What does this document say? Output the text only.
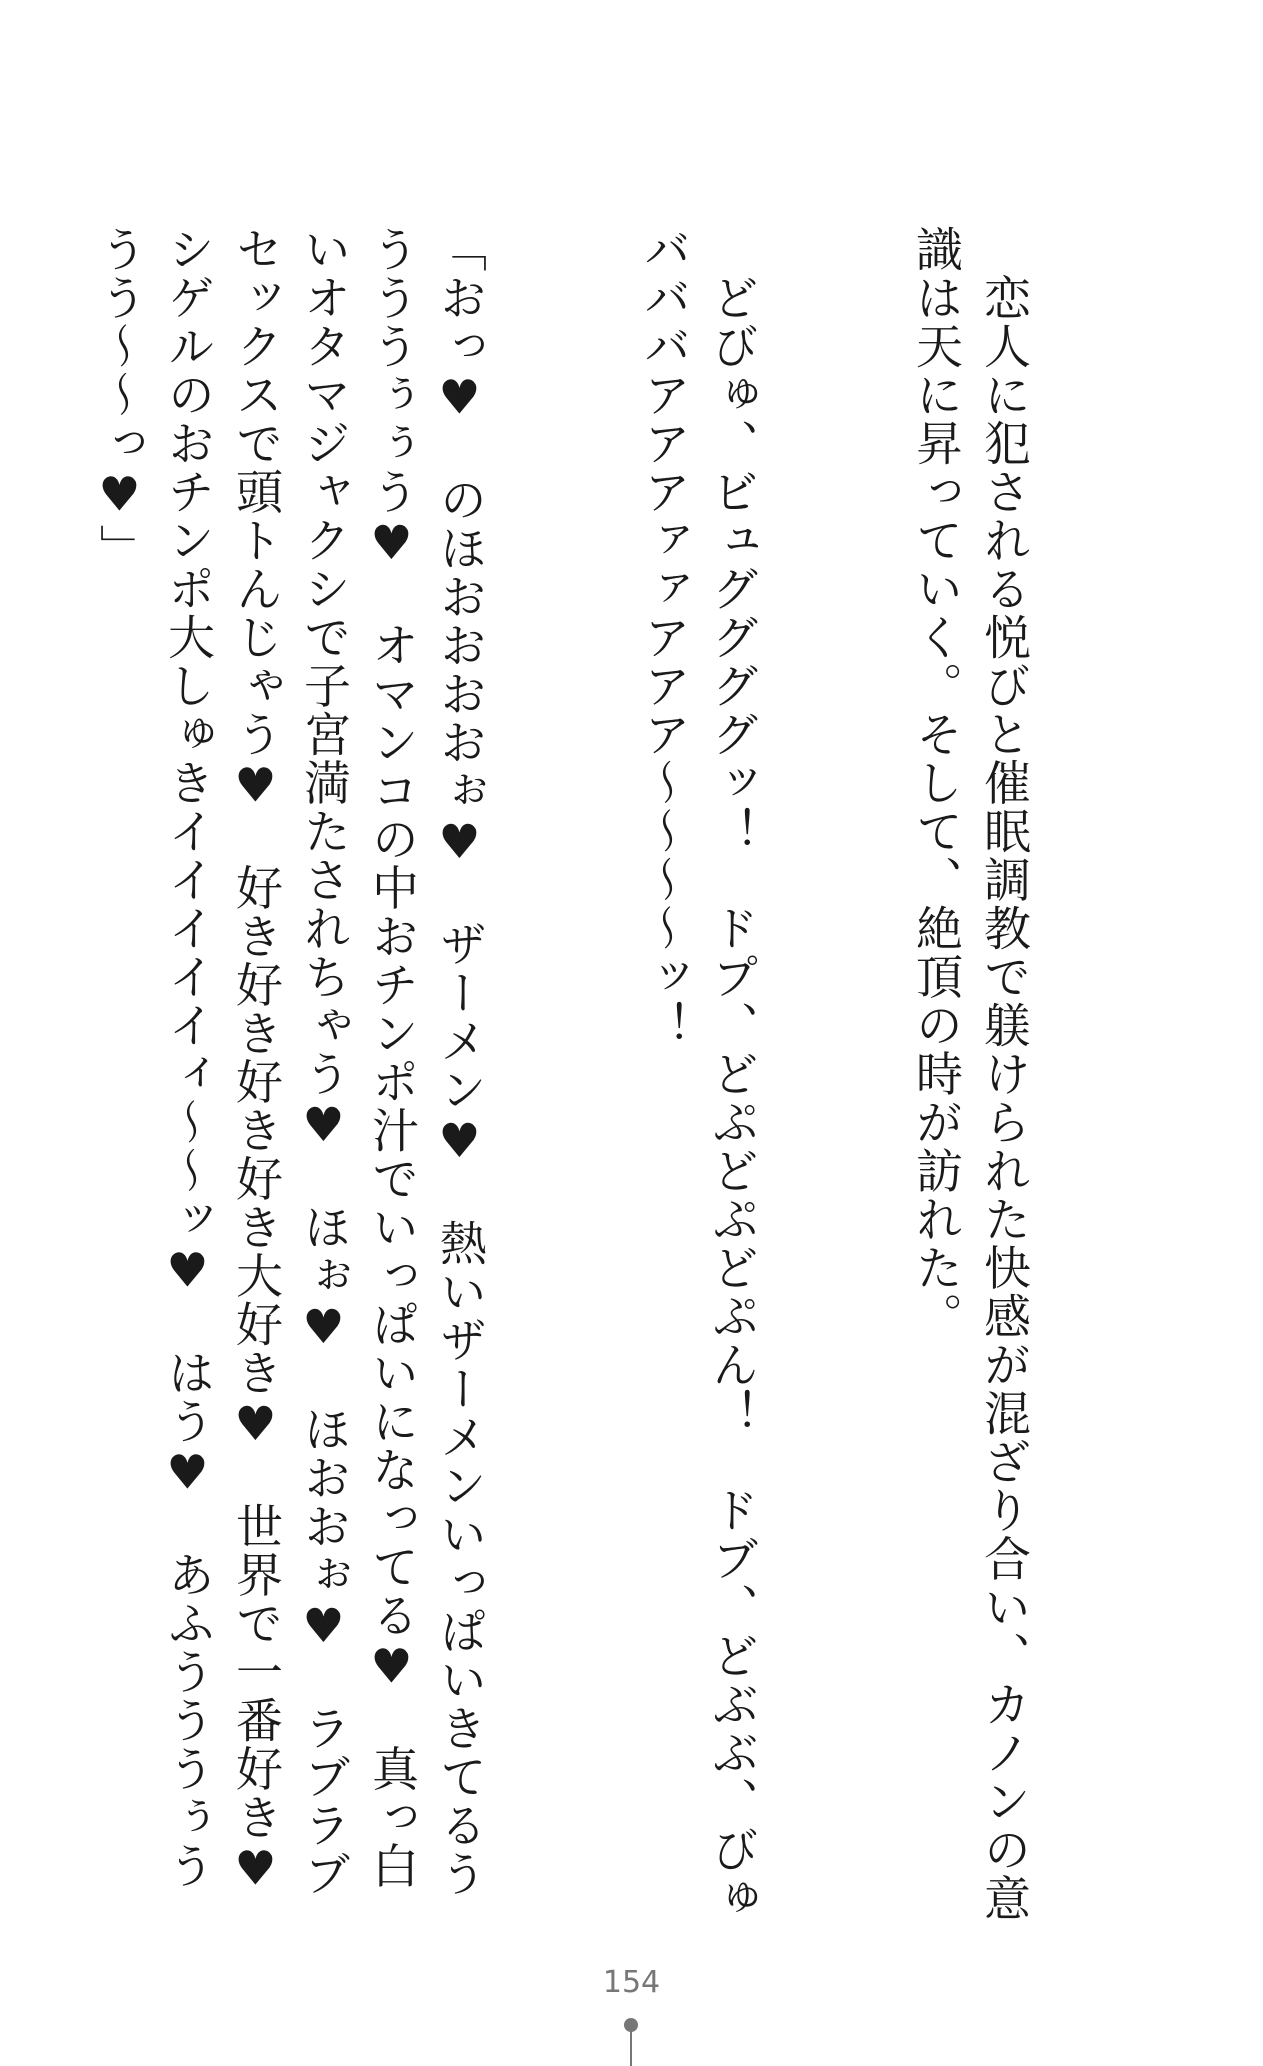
　恋人に犯される悦びと催眠調教で躾けられた快感が混ざり合い、カノンの意識は天に昇っていく。そして、絶頂の時が訪れた。

　どびゅ、ビュググググッ！　ドプ、どぷどぷどぷん！　ドブ、どぶぶ、びゅバババアアアァァアアア〜〜〜〜ッ！

「おっ♥　のほおおおおぉ♥　ザーメン♥　熱いザーメンいっぱいきてるううううぅぅう♥　オマンコの中おチンポ汁でいっぱいになってる♥　真っ白いオタマジャクシで子宮満たされちゃう♥　ほぉ♥　ほおおぉ♥　ラブラブセックスで頭トんじゃう♥　好き好き好き好き大好き♥　世界で一番好き♥　シゲルのおチンポ大しゅきイイイイイィ〜〜ッ♥　はう♥　あふうううぅううう〜〜っ♥」

154
